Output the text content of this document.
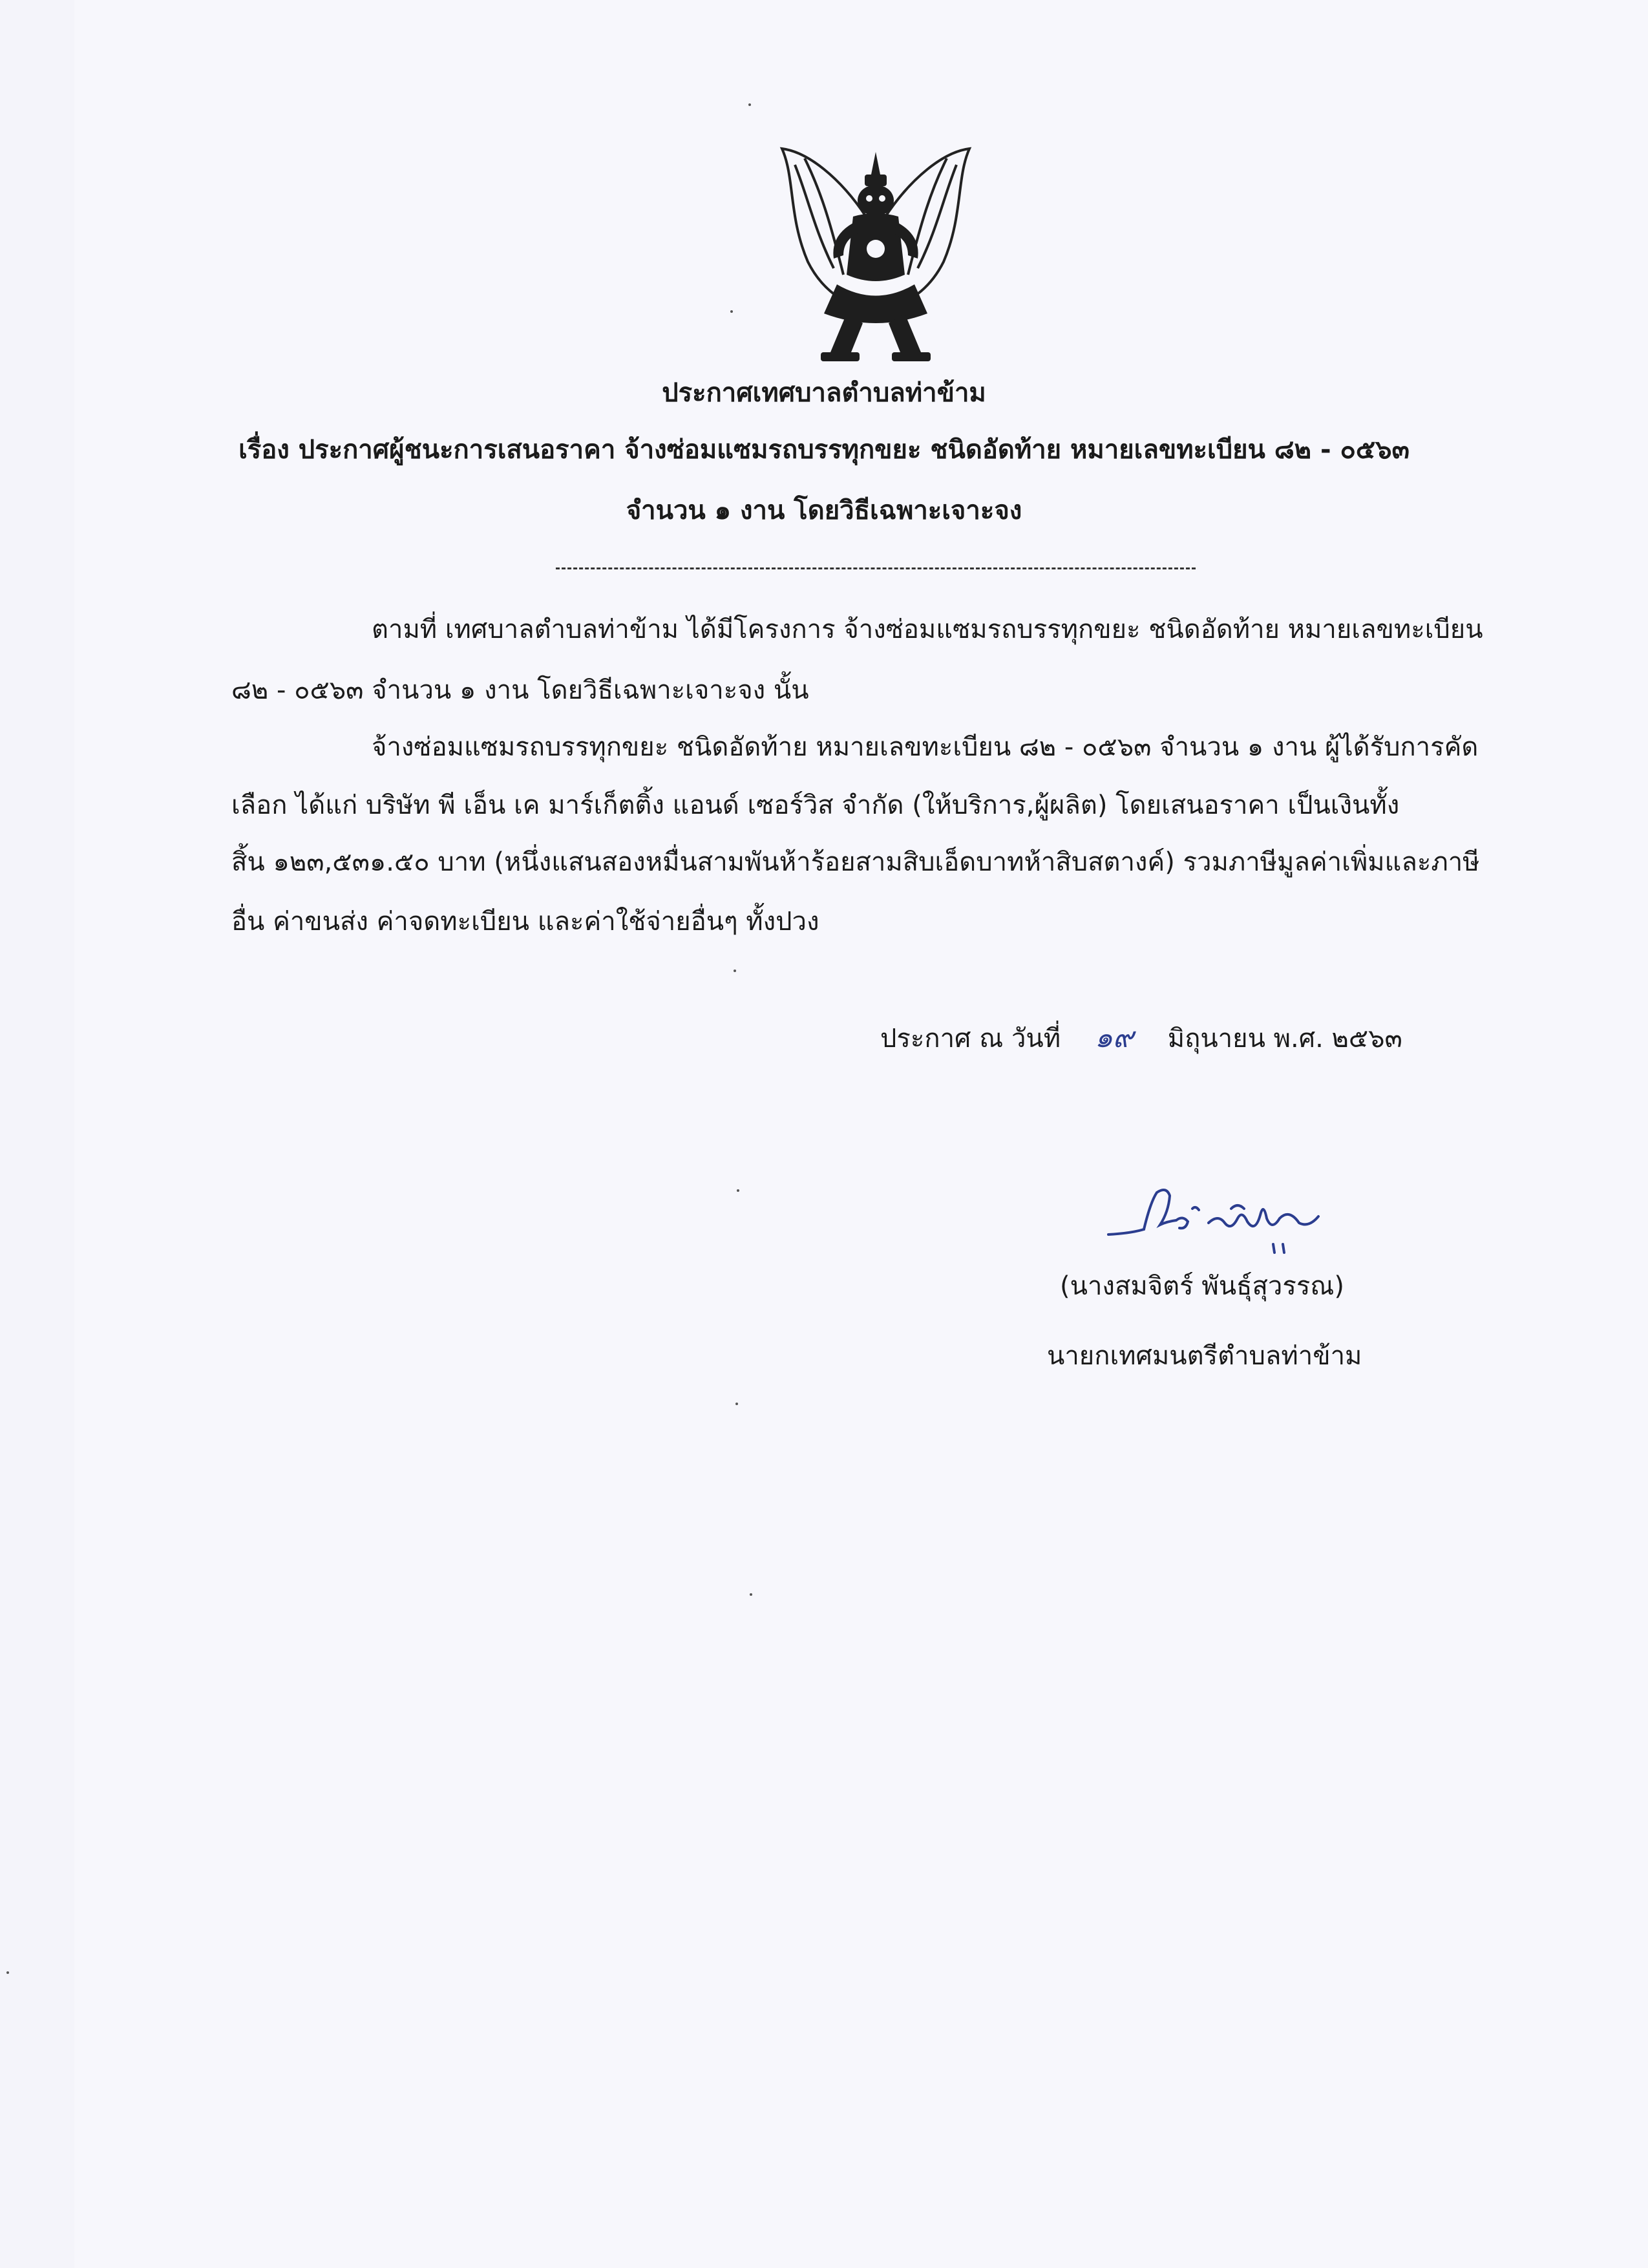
ประกาศเทศบาลตำบลท่าข้าม
เรื่อง ประกาศผู้ชนะการเสนอราคา จ้างซ่อมแซมรถบรรทุกขยะ ชนิดอัดท้าย หมายเลขทะเบียน ๘๒ - ๐๕๖๓
จำนวน ๑ งาน โดยวิธีเฉพาะเจาะจง
ตามที่ เทศบาลตำบลท่าข้าม ได้มีโครงการ จ้างซ่อมแซมรถบรรทุกขยะ ชนิดอัดท้าย หมายเลขทะเบียน
๘๒ - ๐๕๖๓ จำนวน ๑ งาน โดยวิธีเฉพาะเจาะจง นั้น
จ้างซ่อมแซมรถบรรทุกขยะ ชนิดอัดท้าย หมายเลขทะเบียน ๘๒ - ๐๕๖๓ จำนวน ๑ งาน ผู้ได้รับการคัด
เลือก ได้แก่ บริษัท พี เอ็น เค มาร์เก็ตติ้ง แอนด์ เซอร์วิส จำกัด (ให้บริการ,ผู้ผลิต) โดยเสนอราคา เป็นเงินทั้ง
สิ้น ๑๒๓,๕๓๑.๕๐ บาท (หนึ่งแสนสองหมื่นสามพันห้าร้อยสามสิบเอ็ดบาทห้าสิบสตางค์) รวมภาษีมูลค่าเพิ่มและภาษี
อื่น ค่าขนส่ง ค่าจดทะเบียน และค่าใช้จ่ายอื่นๆ ทั้งปวง
ประกาศ ณ วันที่ ๑๙ มิถุนายน พ.ศ. ๒๕๖๓
(นางสมจิตร์ พันธุ์สุวรรณ)
นายกเทศมนตรีตำบลท่าข้าม
